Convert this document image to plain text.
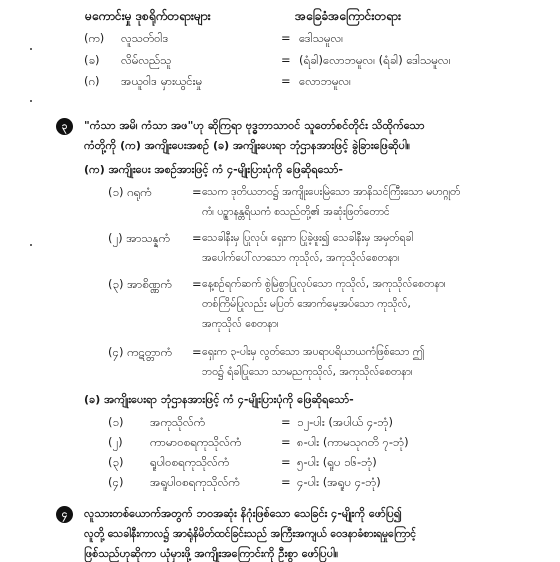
မကောင်းမှု ဒုစရိုက်တရားများ	အခြေခံအကြောင်းတရား
(က) လူသတ်ဝါဒ	= ဒေါသမူလ၊
(ခ) လိမ်လည်သူ	= (ရံခါ)လောဘမူလ၊ (ရံခါ) ဒေါသမူလ၊
(ဂ) အယူဝါဒ မှားယွင်းမှု	= လောဘမူလ၊
၃	"ကံသာ အမိ၊ ကံသာ အဖ"ဟု ဆိုကြရာ ဗုဒ္ဓဘာသာဝင် သူတော်စင်တိုင်း သိထိုက်သော
ကံတို့ကို (က) အကျိုးပေးအစဉ် (ခ) အကျိုးပေးရာ ဘုံဌာနအားဖြင့် ခွဲခြားဖြေဆိုပါ။
(က) အကျိုးပေး အစဉ်အားဖြင့် ကံ ၄-မျိုးပြားပုံကို ဖြေဆိုရသော်-
(၁) ဂရုကံ	= သေက ဒုတိယဘဝ၌ အကျိုးပေးမြဲသော အာနိသင်ကြီးသော မဟဂ္ဂုတ်
ကံ၊ ပဉ္စာနန္တရိယကံ စသည်တို့၏ အဆုံးဖြတ်တောင်
(၂) အာသန္နကံ = သေခါနီးမှ ပြုလုပ်၊ ရှေးက ပြုခဲ့ဖူး၍ သေခါနီးမှ အမှတ်ရခါ
အပေါက်ပေါ်လာသော ကုသိုလ်, အကုသိုလ်စေတနာ၊
(၃) အာစိဏ္ဏကံ = နေ့စဉ်ရက်ဆက် စွဲမြဲစွာပြုလုပ်သော ကုသိုလ်, အကုသိုလ်စေတနာ၊
တစ်ကြိမ်ပြုလည်း မပြတ် အောက်မေ့အပ်သော ကုသိုလ်,
အကုသိုလ် စေတနာ၊
(၄) ကဋတ္တာကံ = ရှေးက ၃-ပါးမှ လွတ်သော အပရာပရိယာယကံဖြစ်သော ဤ
ဘဝ၌ ရံခါပြုသော သာမညကုသိုလ်, အကုသိုလ်စေတနာ၊
(ခ) အကျိုးပေးရာ ဘုံဌာနအားဖြင့် ကံ ၄-မျိုးပြားပုံကို ဖြေဆိုရသော်-
(၁) အကုသိုလ်ကံ	= ၁၂-ပါး (အပါယ် ၄-ဘုံ)
(၂) ကာမာဝစရကုသိုလ်ကံ	= ၈-ပါး (ကာမသုဂတိ ၇-ဘုံ)
(၃) ရူပါဝစရကုသိုလ်ကံ	= ၅-ပါး (ရူပ ၁၆-ဘုံ)
(၄) အရူပါဝစရကုသိုလ်ကံ	= ၄-ပါး (အရူပ ၄-ဘုံ)
၄	လူသားတစ်ယောက်အတွက် ဘဝအဆုံး နိဂုံးဖြစ်သော သေခြင်း ၄-မျိုးကို ဖော်ပြ၍
လူတို့ သေခါနီးကာလ၌ အာရုံနိမိတ်ထင်ခြင်းသည် အကြီးအကျယ် ဝေဒနာခံစားရမှုကြောင့်
ဖြစ်သည်ဟုဆိုကာ ယုံမှားဖို့ အကျိုးအကြောင်းကို ဦးစွာ ဖော်ပြပါ။
